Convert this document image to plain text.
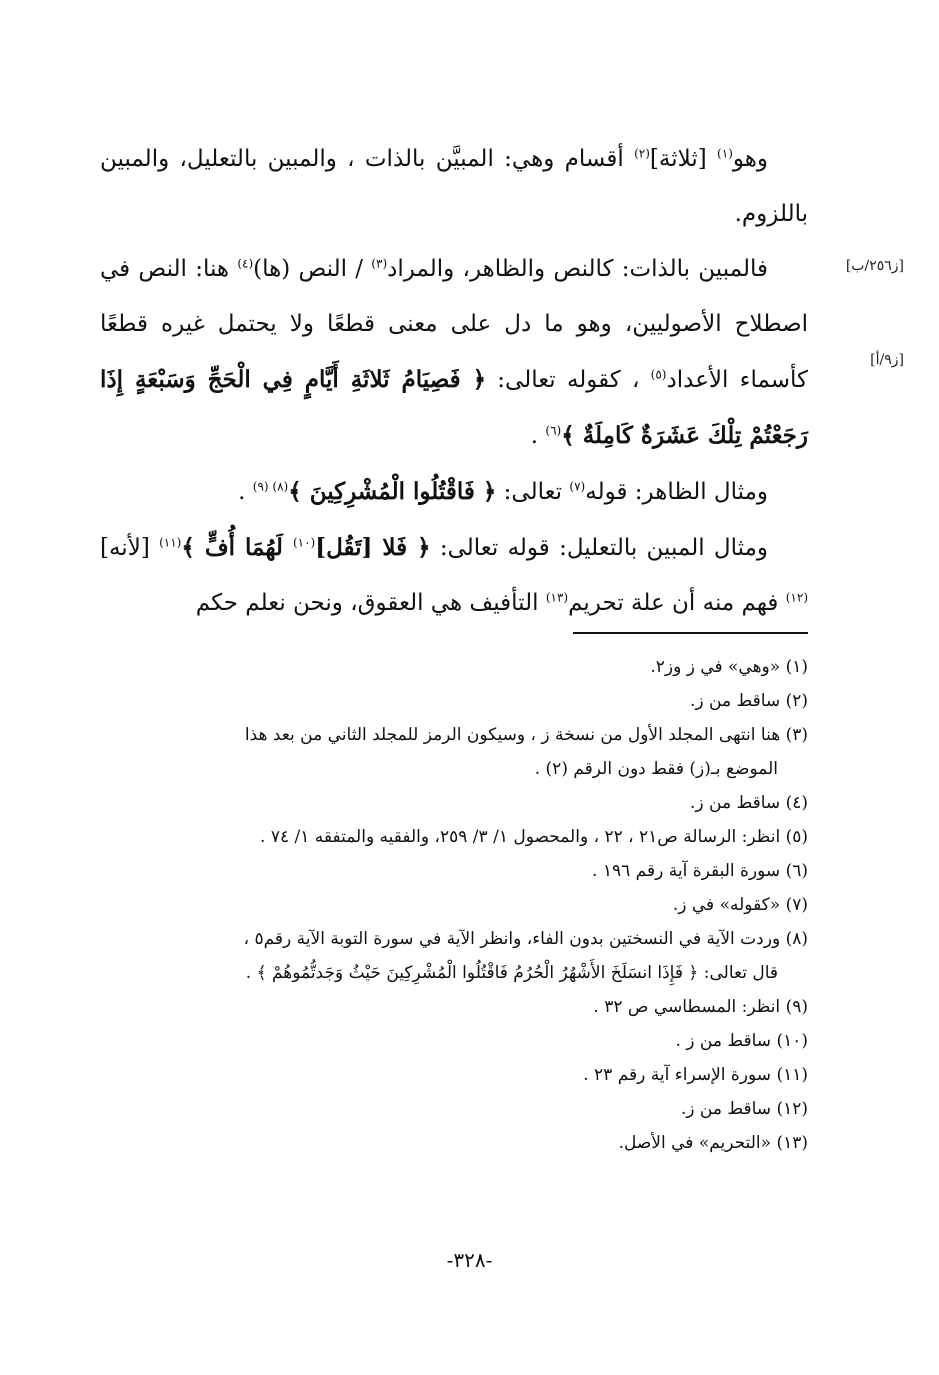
وهو$^{(١)}$ [ثلاثة]$^{(٢)}$ أقسام وهي: المبيَّن بالذات ، والمبين بالتعليل، والمبين باللزوم.

فالمبين بالذات: كالنص والظاهر، والمراد$^{(٣)}$ / النص (ها)$^{(٤)}$ هنا: النص في اصطلاح الأصوليين، وهو ما دل على معنى قطعًا ولا يحتمل غيره قطعًا كأسماء الأعداد$^{(٥)}$ ، كقوله تعالى: ﴿ فَصِيَامُ ثَلاثَةِ أَيَّامٍ فِي الْحَجِّ وَسَبْعَةٍ إِذَا رَجَعْتُمْ تِلْكَ عَشَرَةٌ كَامِلَةٌ ﴾$^{(٦)}$ .

ومثال الظاهر: قوله$^{(٧)}$ تعالى: ﴿ فَاقْتُلُوا الْمُشْرِكِينَ ﴾$^{(٨) (٩)}$ .

ومثال المبين بالتعليل: قوله تعالى: ﴿ فَلا [تَقُل]$^{(١٠)}$ لَهُمَا أُفٍّ ﴾$^{(١١)}$ [لأنه]$^{(١٢)}$ فهم منه أن علة تحريم$^{(١٣)}$ التأفيف هي العقوق، ونحن نعلم حكم

[ز٢٥٦/ب]
[ز٩/أ]

(١) «وهي» في ز وز٢.

(٢) ساقط من ز.

(٣) هنا انتهى المجلد الأول من نسخة ز ، وسيكون الرمز للمجلد الثاني من بعد هذا

الموضع بـ(ز) فقط دون الرقم (٢) .

(٤) ساقط من ز.

(٥) انظر: الرسالة ص٢١ ، ٢٢ ، والمحصول ١/ ٣/ ٢٥٩، والفقيه والمتفقه ١/ ٧٤ .

(٦) سورة البقرة آية رقم ١٩٦ .

(٧) «كقوله» في ز.

(٨) وردت الآية في النسختين بدون الفاء، وانظر الآية في سورة التوبة الآية رقم٥ ،

قال تعالى: ﴿ فَإِذَا انسَلَخَ الأَشْهُرُ الْحُرُمُ فَاقْتُلُوا الْمُشْرِكِينَ حَيْثُ وَجَدتُّمُوهُمْ ﴾ .

(٩) انظر: المسطاسي ص ٣٢ .

(١٠) ساقط من ز .

(١١) سورة الإسراء آية رقم ٢٣ .

(١٢) ساقط من ز.

(١٣) «التحريم» في الأصل.

-٣٢٨-
